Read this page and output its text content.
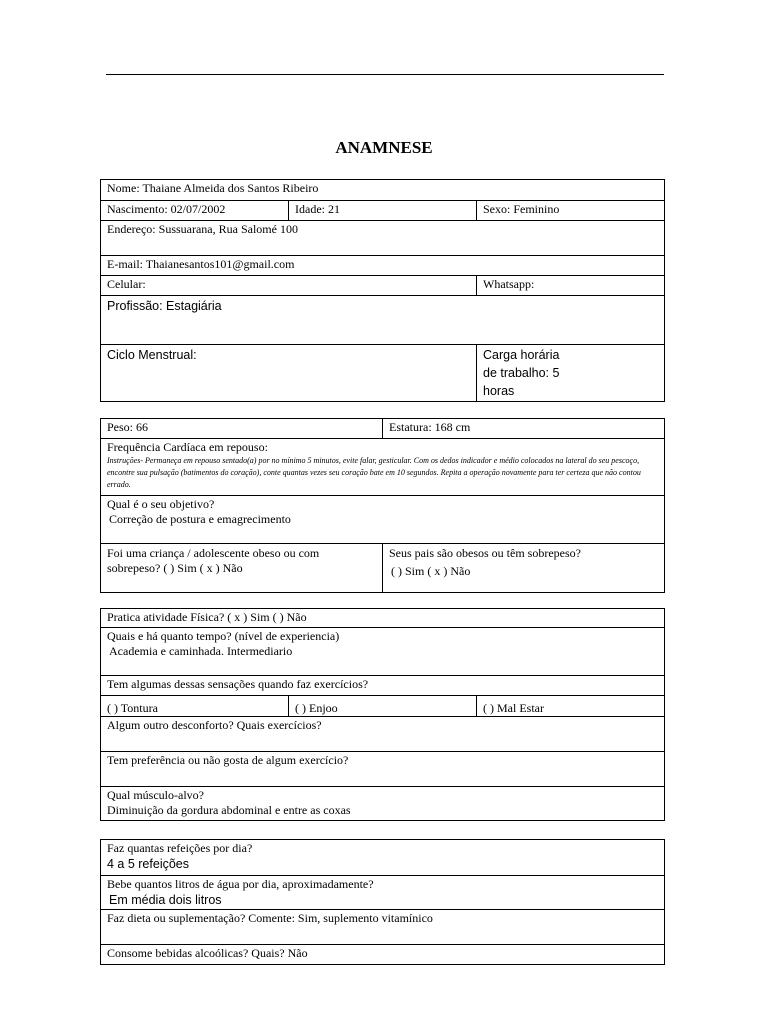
ANAMNESE
Nome: Thaiane Almeida dos Santos Ribeiro		
Nascimento: 02/07/2002	Idade: 21	Sexo: Feminino
Endereço: Sussuarana, Rua Salomé 100		
E-mail: Thaianesantos101@gmail.com		
Celular:		Whatsapp:
Profissão: Estagiária		
Ciclo Menstrual:		Carga horária
de trabalho: 5
horas
Peso: 66	Estatura: 168 cm
Frequência Cardíaca em repouso:
Instruções- Permaneça em repouso sentado(a) por no mínimo 5 minutos, evite falar, gesticular. Com os dedos indicador e médio colocados na lateral do seu pescoço, encontre sua pulsação (batimentos do coração), conte quantas vezes seu coração bate em 10 segundos. Repita a operação novamente para ter certeza que não contou errado.	

Qual é o seu objetivo?
Correção de postura e emagrecimento	

Foi uma criança / adolescente obeso ou com
sobrepeso? ( ) Sim ( x ) Não	Seus pais são obesos ou têm sobrepeso?
( ) Sim ( x ) Não
Pratica atividade Física? ( x ) Sim ( ) Não

Quais e há quanto tempo? (nível de experiencia)
Academia e caminhada. Intermediario

Tem algumas dessas sensações quando faz exercícios?
( ) Tontura	( ) Enjoo	( ) Mal Estar
Algum outro desconforto? Quais exercícios?
Tem preferência ou não gosta de algum exercício?

Qual músculo-alvo?
Diminuição da gordura abdominal e entre as coxas
Faz quantas refeições por dia?
4 a 5 refeições

Bebe quantos litros de água por dia, aproximadamente?
Em média dois litros

Faz dieta ou suplementação? Comente: Sim, suplemento vitamínico
Consome bebidas alcoólicas? Quais? Não
